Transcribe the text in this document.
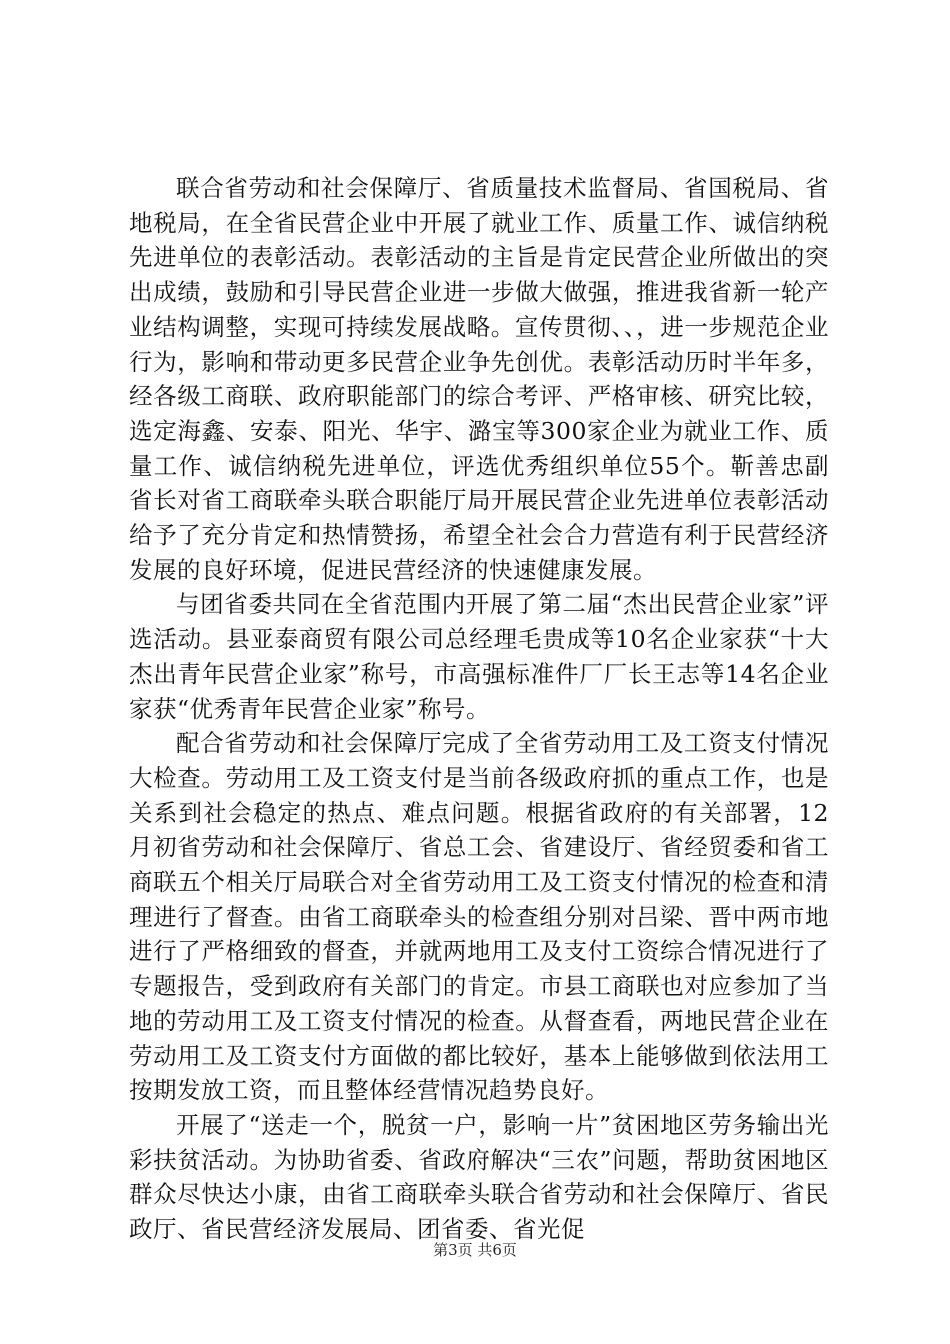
联合省劳动和社会保障厅、省质量技术监督局、省国税局、省地税局，在全省民营企业中开展了就业工作、质量工作、诚信纳税先进单位的表彰活动。表彰活动的主旨是肯定民营企业所做出的突出成绩，鼓励和引导民营企业进一步做大做强，推进我省新一轮产业结构调整，实现可持续发展战略。宣传贯彻、、，进一步规范企业行为，影响和带动更多民营企业争先创优。表彰活动历时半年多，经各级工商联、政府职能部门的综合考评、严格审核、研究比较，选定海鑫、安泰、阳光、华宇、潞宝等300家企业为就业工作、质量工作、诚信纳税先进单位，评选优秀组织单位55个。靳善忠副省长对省工商联牵头联合职能厅局开展民营企业先进单位表彰活动给予了充分肯定和热情赞扬，希望全社会合力营造有利于民营经济发展的良好环境，促进民营经济的快速健康发展。

与团省委共同在全省范围内开展了第二届“杰出民营企业家”评选活动。县亚泰商贸有限公司总经理毛贵成等10名企业家获“十大杰出青年民营企业家”称号，市高强标准件厂厂长王志等14名企业家获“优秀青年民营企业家”称号。

配合省劳动和社会保障厅完成了全省劳动用工及工资支付情况大检查。劳动用工及工资支付是当前各级政府抓的重点工作，也是关系到社会稳定的热点、难点问题。根据省政府的有关部署，12月初省劳动和社会保障厅、省总工会、省建设厅、省经贸委和省工商联五个相关厅局联合对全省劳动用工及工资支付情况的检查和清理进行了督查。由省工商联牵头的检查组分别对吕梁、晋中两市地进行了严格细致的督查，并就两地用工及支付工资综合情况进行了专题报告，受到政府有关部门的肯定。市县工商联也对应参加了当地的劳动用工及工资支付情况的检查。从督查看，两地民营企业在劳动用工及工资支付方面做的都比较好，基本上能够做到依法用工按期发放工资，而且整体经营情况趋势良好。

开展了“送走一个，脱贫一户，影响一片”贫困地区劳务输出光彩扶贫活动。为协助省委、省政府解决“三农”问题，帮助贫困地区群众尽快达小康，由省工商联牵头联合省劳动和社会保障厅、省民政厅、省民营经济发展局、团省委、省光促

第3页 共6页
